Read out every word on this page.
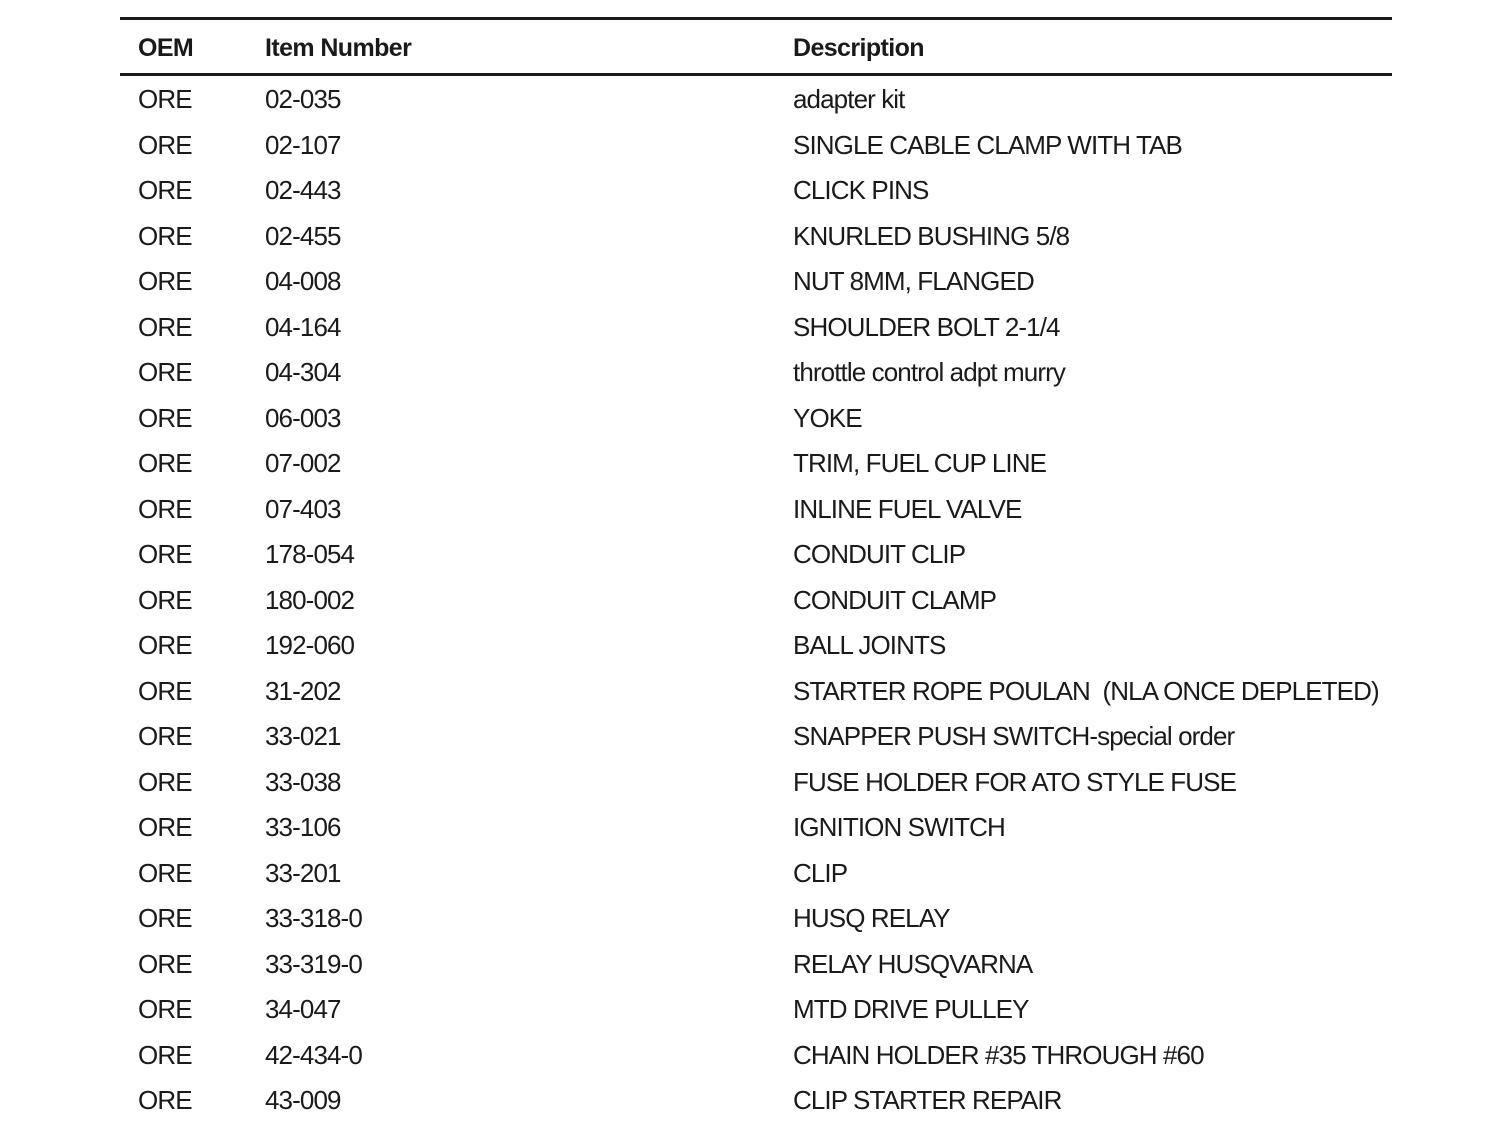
OEM	Item Number	Description
ORE	02-035	adapter kit
ORE	02-107	SINGLE CABLE CLAMP WITH TAB
ORE	02-443	CLICK PINS
ORE	02-455	KNURLED BUSHING 5/8
ORE	04-008	NUT 8MM, FLANGED
ORE	04-164	SHOULDER BOLT 2-1/4
ORE	04-304	throttle control adpt murry
ORE	06-003	YOKE
ORE	07-002	TRIM, FUEL CUP LINE
ORE	07-403	INLINE FUEL VALVE
ORE	178-054	CONDUIT CLIP
ORE	180-002	CONDUIT CLAMP
ORE	192-060	BALL JOINTS
ORE	31-202	STARTER ROPE POULAN  (NLA ONCE DEPLETED)
ORE	33-021	SNAPPER PUSH SWITCH-special order
ORE	33-038	FUSE HOLDER FOR ATO STYLE FUSE
ORE	33-106	IGNITION SWITCH
ORE	33-201	CLIP
ORE	33-318-0	HUSQ RELAY
ORE	33-319-0	RELAY HUSQVARNA
ORE	34-047	MTD DRIVE PULLEY
ORE	42-434-0	CHAIN HOLDER #35 THROUGH #60
ORE	43-009	CLIP STARTER REPAIR
